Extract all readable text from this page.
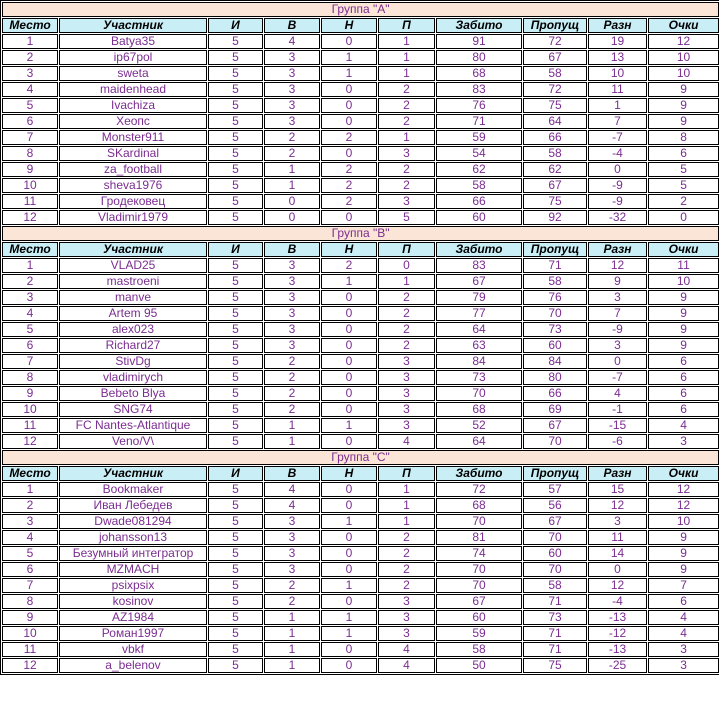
Группа "A"									
Место	Участник	И	В	Н	П	Забито	Пропущ	Разн	Очки
1	Batya35	5	4	0	1	91	72	19	12
2	ip67pol	5	3	1	1	80	67	13	10
3	sweta	5	3	1	1	68	58	10	10
4	maidenhead	5	3	0	2	83	72	11	9
5	Ivachiza	5	3	0	2	76	75	1	9
6	Хеопс	5	3	0	2	71	64	7	9
7	Monster911	5	2	2	1	59	66	-7	8
8	SKardinal	5	2	0	3	54	58	-4	6
9	za_football	5	1	2	2	62	62	0	5
10	sheva1976	5	1	2	2	58	67	-9	5
11	Гродековец	5	0	2	3	66	75	-9	2
12	Vladimir1979	5	0	0	5	60	92	-32	0
Группа "B"									
Место	Участник	И	В	Н	П	Забито	Пропущ	Разн	Очки
1	VLAD25	5	3	2	0	83	71	12	11
2	mastroeni	5	3	1	1	67	58	9	10
3	manve	5	3	0	2	79	76	3	9
4	Artem 95	5	3	0	2	77	70	7	9
5	alex023	5	3	0	2	64	73	-9	9
6	Richard27	5	3	0	2	63	60	3	9
7	StivDg	5	2	0	3	84	84	0	6
8	vladimirych	5	2	0	3	73	80	-7	6
9	Bebeto Blya	5	2	0	3	70	66	4	6
10	SNG74	5	2	0	3	68	69	-1	6
11	FC Nantes-Atlantique	5	1	1	3	52	67	-15	4
12	Veno/V\	5	1	0	4	64	70	-6	3
Группа "C"									
Место	Участник	И	В	Н	П	Забито	Пропущ	Разн	Очки
1	Bookmaker	5	4	0	1	72	57	15	12
2	Иван Лебедев	5	4	0	1	68	56	12	12
3	Dwade081294	5	3	1	1	70	67	3	10
4	johansson13	5	3	0	2	81	70	11	9
5	Безумный интегратор	5	3	0	2	74	60	14	9
6	MZMACH	5	3	0	2	70	70	0	9
7	psixpsix	5	2	1	2	70	58	12	7
8	kosinov	5	2	0	3	67	71	-4	6
9	AZ1984	5	1	1	3	60	73	-13	4
10	Роман1997	5	1	1	3	59	71	-12	4
11	vbkf	5	1	0	4	58	71	-13	3
12	a_belenov	5	1	0	4	50	75	-25	3
